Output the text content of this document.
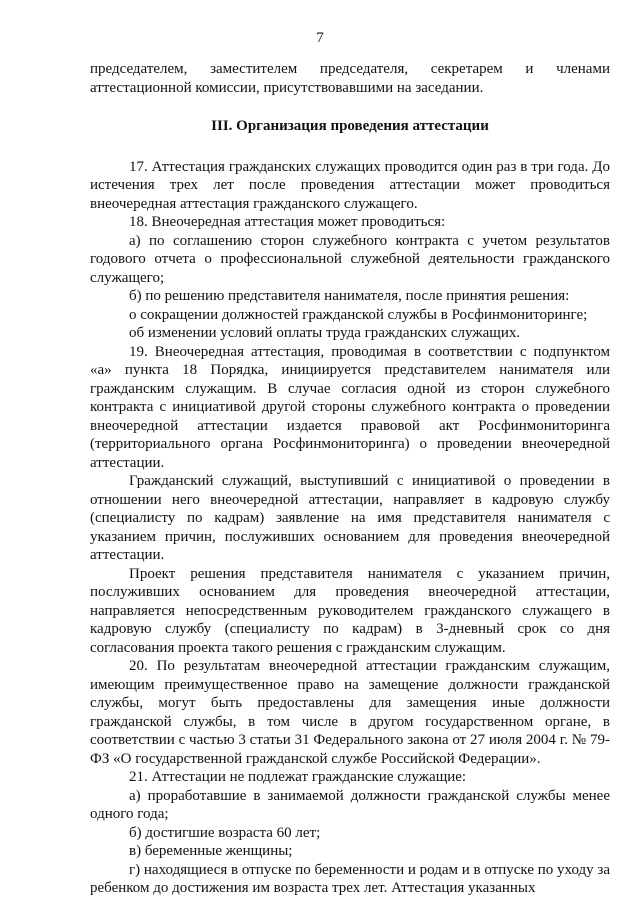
7

председателем, заместителем председателя, секретарем и членами аттестационной комиссии, присутствовавшими на заседании.

III. Организация проведения аттестации

17. Аттестация гражданских служащих проводится один раз в три года. До истечения трех лет после проведения аттестации может проводиться внеочередная аттестация гражданского служащего.

18. Внеочередная аттестация может проводиться:

а) по соглашению сторон служебного контракта с учетом результатов годового отчета о профессиональной служебной деятельности гражданского служащего;

б) по решению представителя нанимателя, после принятия решения:

о сокращении должностей гражданской службы в Росфинмониторинге;

об изменении условий оплаты труда гражданских служащих.

19. Внеочередная аттестация, проводимая в соответствии с подпунктом «а» пункта 18 Порядка, инициируется представителем нанимателя или гражданским служащим. В случае согласия одной из сторон служебного контракта с инициативой другой стороны служебного контракта о проведении внеочередной аттестации издается правовой акт Росфинмониторинга (территориального органа Росфинмониторинга) о проведении внеочередной аттестации.

Гражданский служащий, выступивший с инициативой о проведении в отношении него внеочередной аттестации, направляет в кадровую службу (специалисту по кадрам) заявление на имя представителя нанимателя с указанием причин, послуживших основанием для проведения внеочередной аттестации.

Проект решения представителя нанимателя с указанием причин, послуживших основанием для проведения внеочередной аттестации, направляется непосредственным руководителем гражданского служащего в кадровую службу (специалисту по кадрам) в 3-дневный срок со дня согласования проекта такого решения с гражданским служащим.

20. По результатам внеочередной аттестации гражданским служащим, имеющим преимущественное право на замещение должности гражданской службы, могут быть предоставлены для замещения иные должности гражданской службы, в том числе в другом государственном органе, в соответствии с частью 3 статьи 31 Федерального закона от 27 июля 2004 г. № 79-ФЗ «О государственной гражданской службе Российской Федерации».

21. Аттестации не подлежат гражданские служащие:

а) проработавшие в занимаемой должности гражданской службы менее одного года;

б) достигшие возраста 60 лет;

в) беременные женщины;

г) находящиеся в отпуске по беременности и родам и в отпуске по уходу за ребенком до достижения им возраста трех лет. Аттестация указанных
